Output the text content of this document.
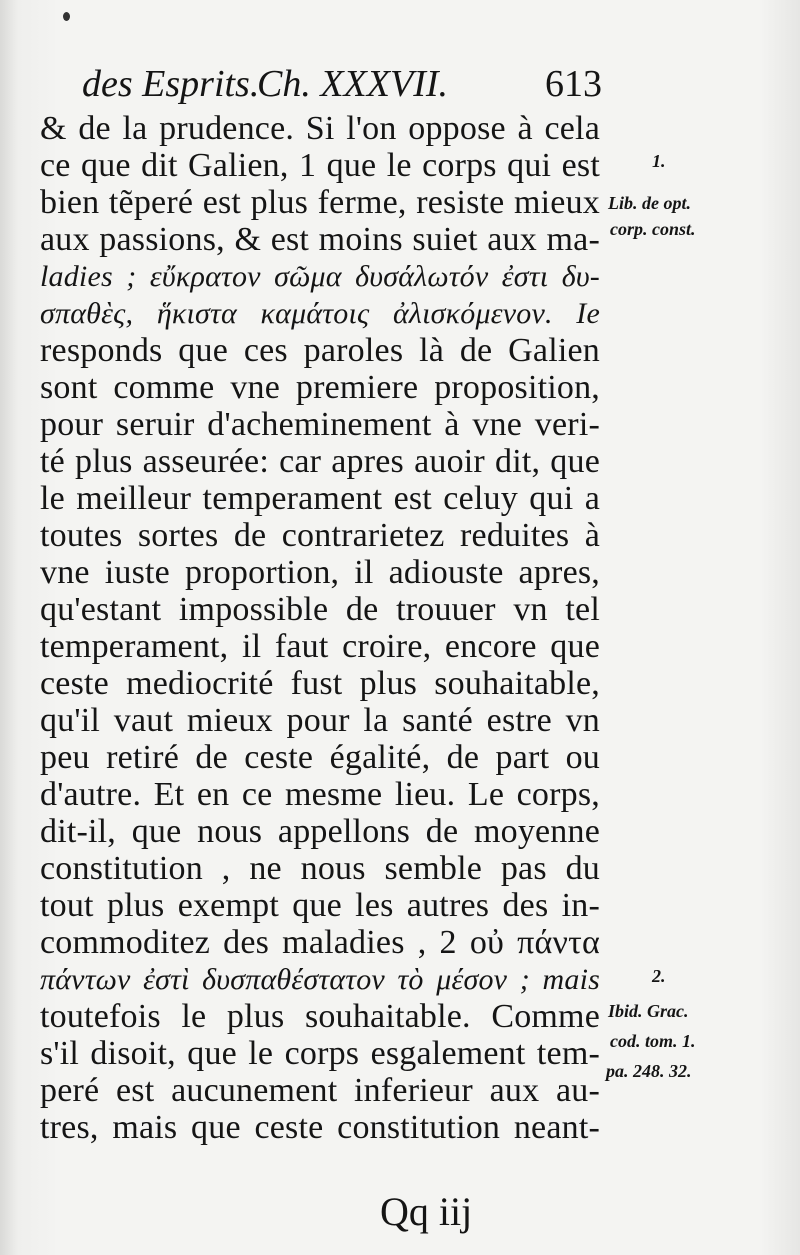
des Esprits.
Ch. XXXVII.	613
& de la prudence. Si l'on oppose à cela
ce que dit Galien, 1 que le corps qui est
bien tẽperé est plus ferme, resiste mieux
aux passions, & est moins suiet aux ma-
ladies ; εὔκρατον σῶμα δυσάλωτόν ἐστι δυ-
σπαθὲς, ἥκιστα καμάτοις ἀλισκόμενον. Ie
responds que ces paroles là de Galien
sont comme vne premiere proposition,
pour seruir d'acheminement à vne veri-
té plus asseurée: car apres auoir dit, que
le meilleur temperament est celuy qui a
toutes sortes de contrarietez reduites à
vne iuste proportion, il adiouste apres,
qu'estant impossible de trouuer vn tel
temperament, il faut croire, encore que
ceste mediocrité fust plus souhaitable,
qu'il vaut mieux pour la santé estre vn
peu retiré de ceste égalité, de part ou
d'autre. Et en ce mesme lieu. Le corps,
dit-il, que nous appellons de moyenne
constitution , ne nous semble pas du
tout plus exempt que les autres des in-
commoditez des maladies , 2 οὐ πάντα
πάντων ἐστὶ δυσπαθέστατον τὸ μέσον ; mais
toutefois le plus souhaitable. Comme
s'il disoit, que le corps esgalement tem-
peré est aucunement inferieur aux au-
tres, mais que ceste constitution neant-
1.
Lib. de opt.
corp. const.
2.
Ibid. Grac.
cod. tom. 1.
pa. 248. 32.
Qq iij
